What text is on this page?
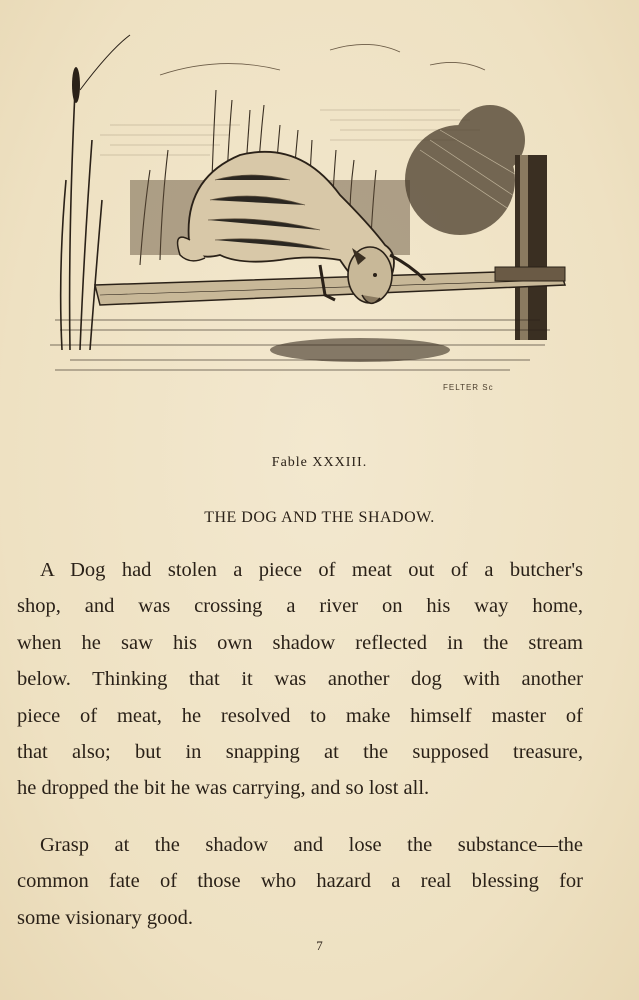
FELTER Sc
Fable XXXIII.
THE DOG AND THE SHADOW.
A Dog had stolen a piece of meat out of a butcher's
shop, and was crossing a river on his way home,
when he saw his own shadow reflected in the stream
below. Thinking that it was another dog with another
piece of meat, he resolved to make himself master of
that also; but in snapping at the supposed treasure,
he dropped the bit he was carrying, and so lost all.
Grasp at the shadow and lose the substance—the
common fate of those who hazard a real blessing for
some visionary good.
7
